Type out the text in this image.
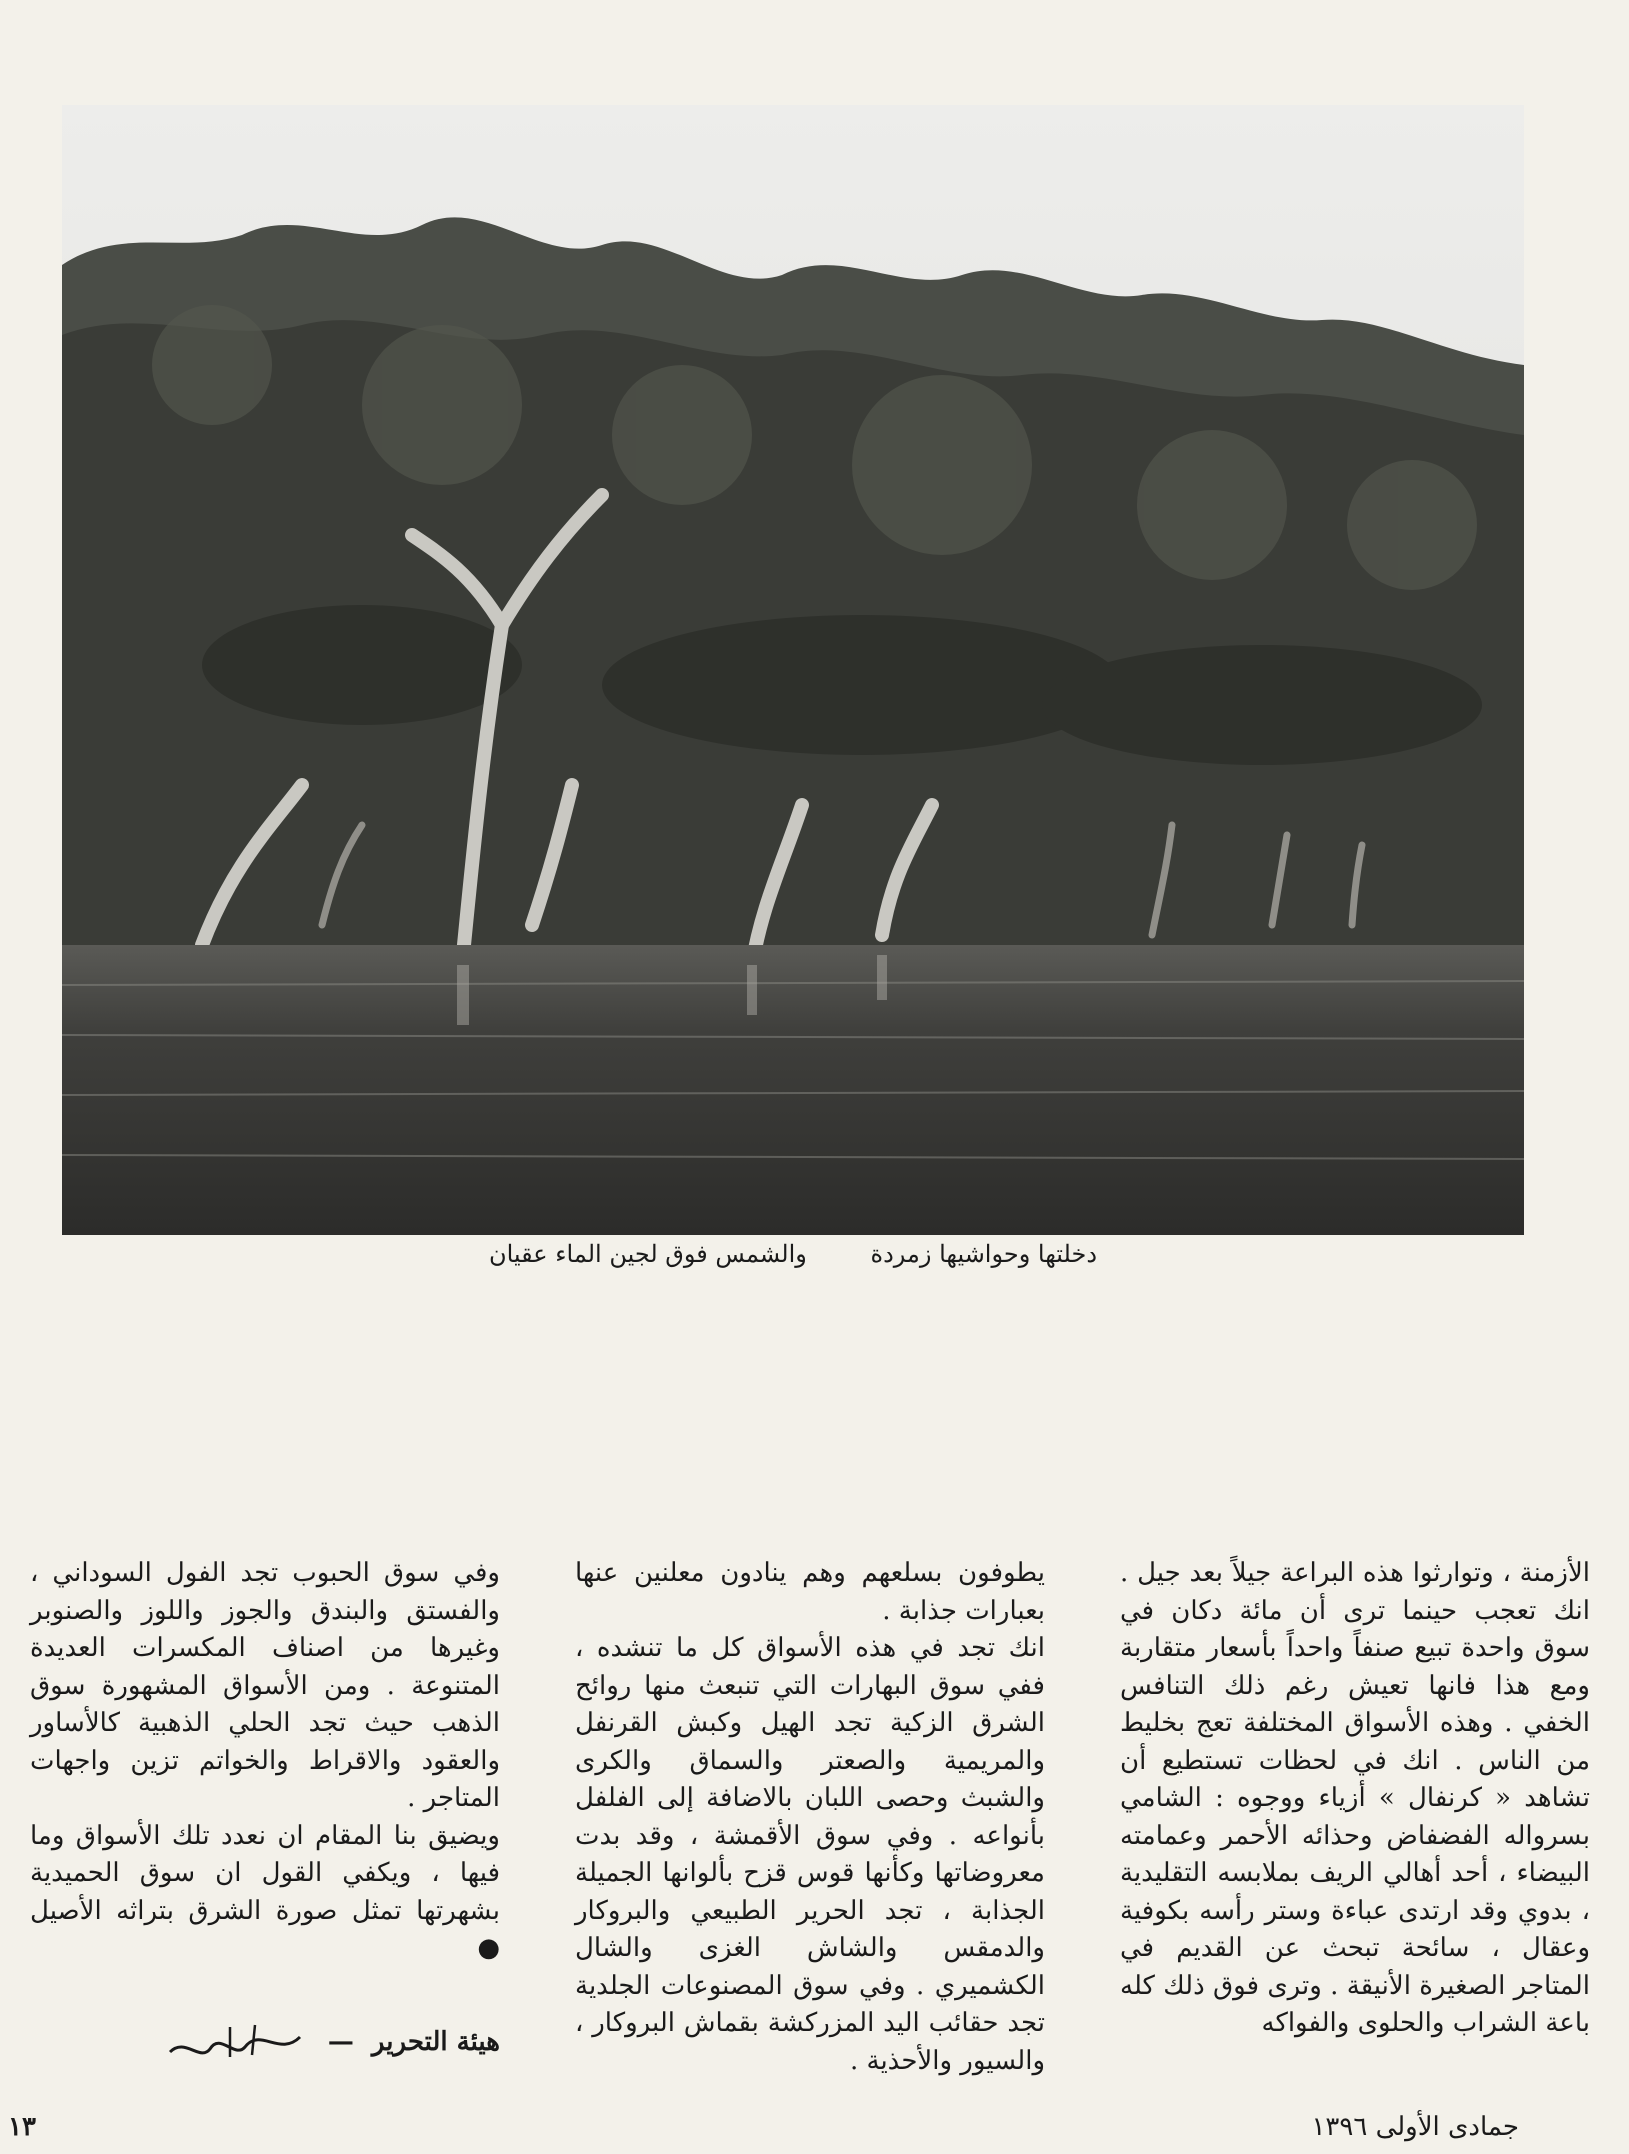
دخلتها وحواشيها زمردة والشمس فوق لجين الماء عقيان

الأزمنة ، وتوارثوا هذه البراعة جيلاً بعد جيل . انك تعجب حينما ترى أن مائة دكان في سوق واحدة تبيع صنفاً واحداً بأسعار متقاربة ومع هذا فانها تعيش رغم ذلك التنافس الخفي . وهذه الأسواق المختلفة تعج بخليط من الناس . انك في لحظات تستطيع أن تشاهد « كرنفال » أزياء ووجوه : الشامي بسرواله الفضفاض وحذائه الأحمر وعمامته البيضاء ، أحد أهالي الريف بملابسه التقليدية ، بدوي وقد ارتدى عباءة وستر رأسه بكوفية وعقال ، سائحة تبحث عن القديم في المتاجر الصغيرة الأنيقة . وترى فوق ذلك كله باعة الشراب والحلوى والفواكه

يطوفون بسلعهم وهم ينادون معلنين عنها بعبارات جذابة .

انك تجد في هذه الأسواق كل ما تنشده ، ففي سوق البهارات التي تنبعث منها روائح الشرق الزكية تجد الهيل وكبش القرنفل والمريمية والصعتر والسماق والكرى والشبث وحصى اللبان بالاضافة إلى الفلفل بأنواعه . وفي سوق الأقمشة ، وقد بدت معروضاتها وكأنها قوس قزح بألوانها الجميلة الجذابة ، تجد الحرير الطبيعي والبروكار والدمقس والشاش الغزى والشال الكشميري . وفي سوق المصنوعات الجلدية تجد حقائب اليد المزركشة بقماش البروكار ، والسيور والأحذية .

وفي سوق الحبوب تجد الفول السوداني ، والفستق والبندق والجوز واللوز والصنوبر وغيرها من اصناف المكسرات العديدة المتنوعة . ومن الأسواق المشهورة سوق الذهب حيث تجد الحلي الذهبية كالأساور والعقود والاقراط والخواتم تزين واجهات المتاجر .

ويضيق بنا المقام ان نعدد تلك الأسواق وما فيها ، ويكفي القول ان سوق الحميدية بشهرتها تمثل صورة الشرق بتراثه الأصيل ●

هيئة التحرير
—
جمادى الأولى ١٣٩٦
١٣
